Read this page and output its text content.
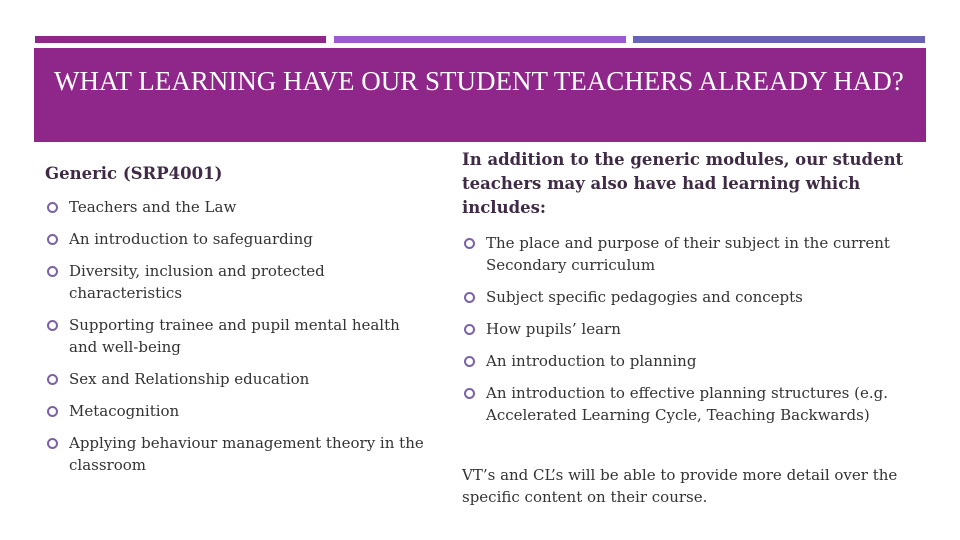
WHAT LEARNING HAVE OUR STUDENT TEACHERS ALREADY HAD?
Generic (SRP4001)
Teachers and the Law
An introduction to safeguarding
Diversity, inclusion and protected characteristics
Supporting trainee and pupil mental health and well-being
Sex and Relationship education
Metacognition
Applying behaviour management theory in the classroom
In addition to the generic modules, our student teachers may also have had learning which includes:
The place and purpose of their subject in the current Secondary curriculum
Subject specific pedagogies and concepts
How pupils’ learn
An introduction to planning
An introduction to effective planning structures (e.g. Accelerated Learning Cycle, Teaching Backwards)
VT’s and CL’s will be able to provide more detail over the specific content on their course.
